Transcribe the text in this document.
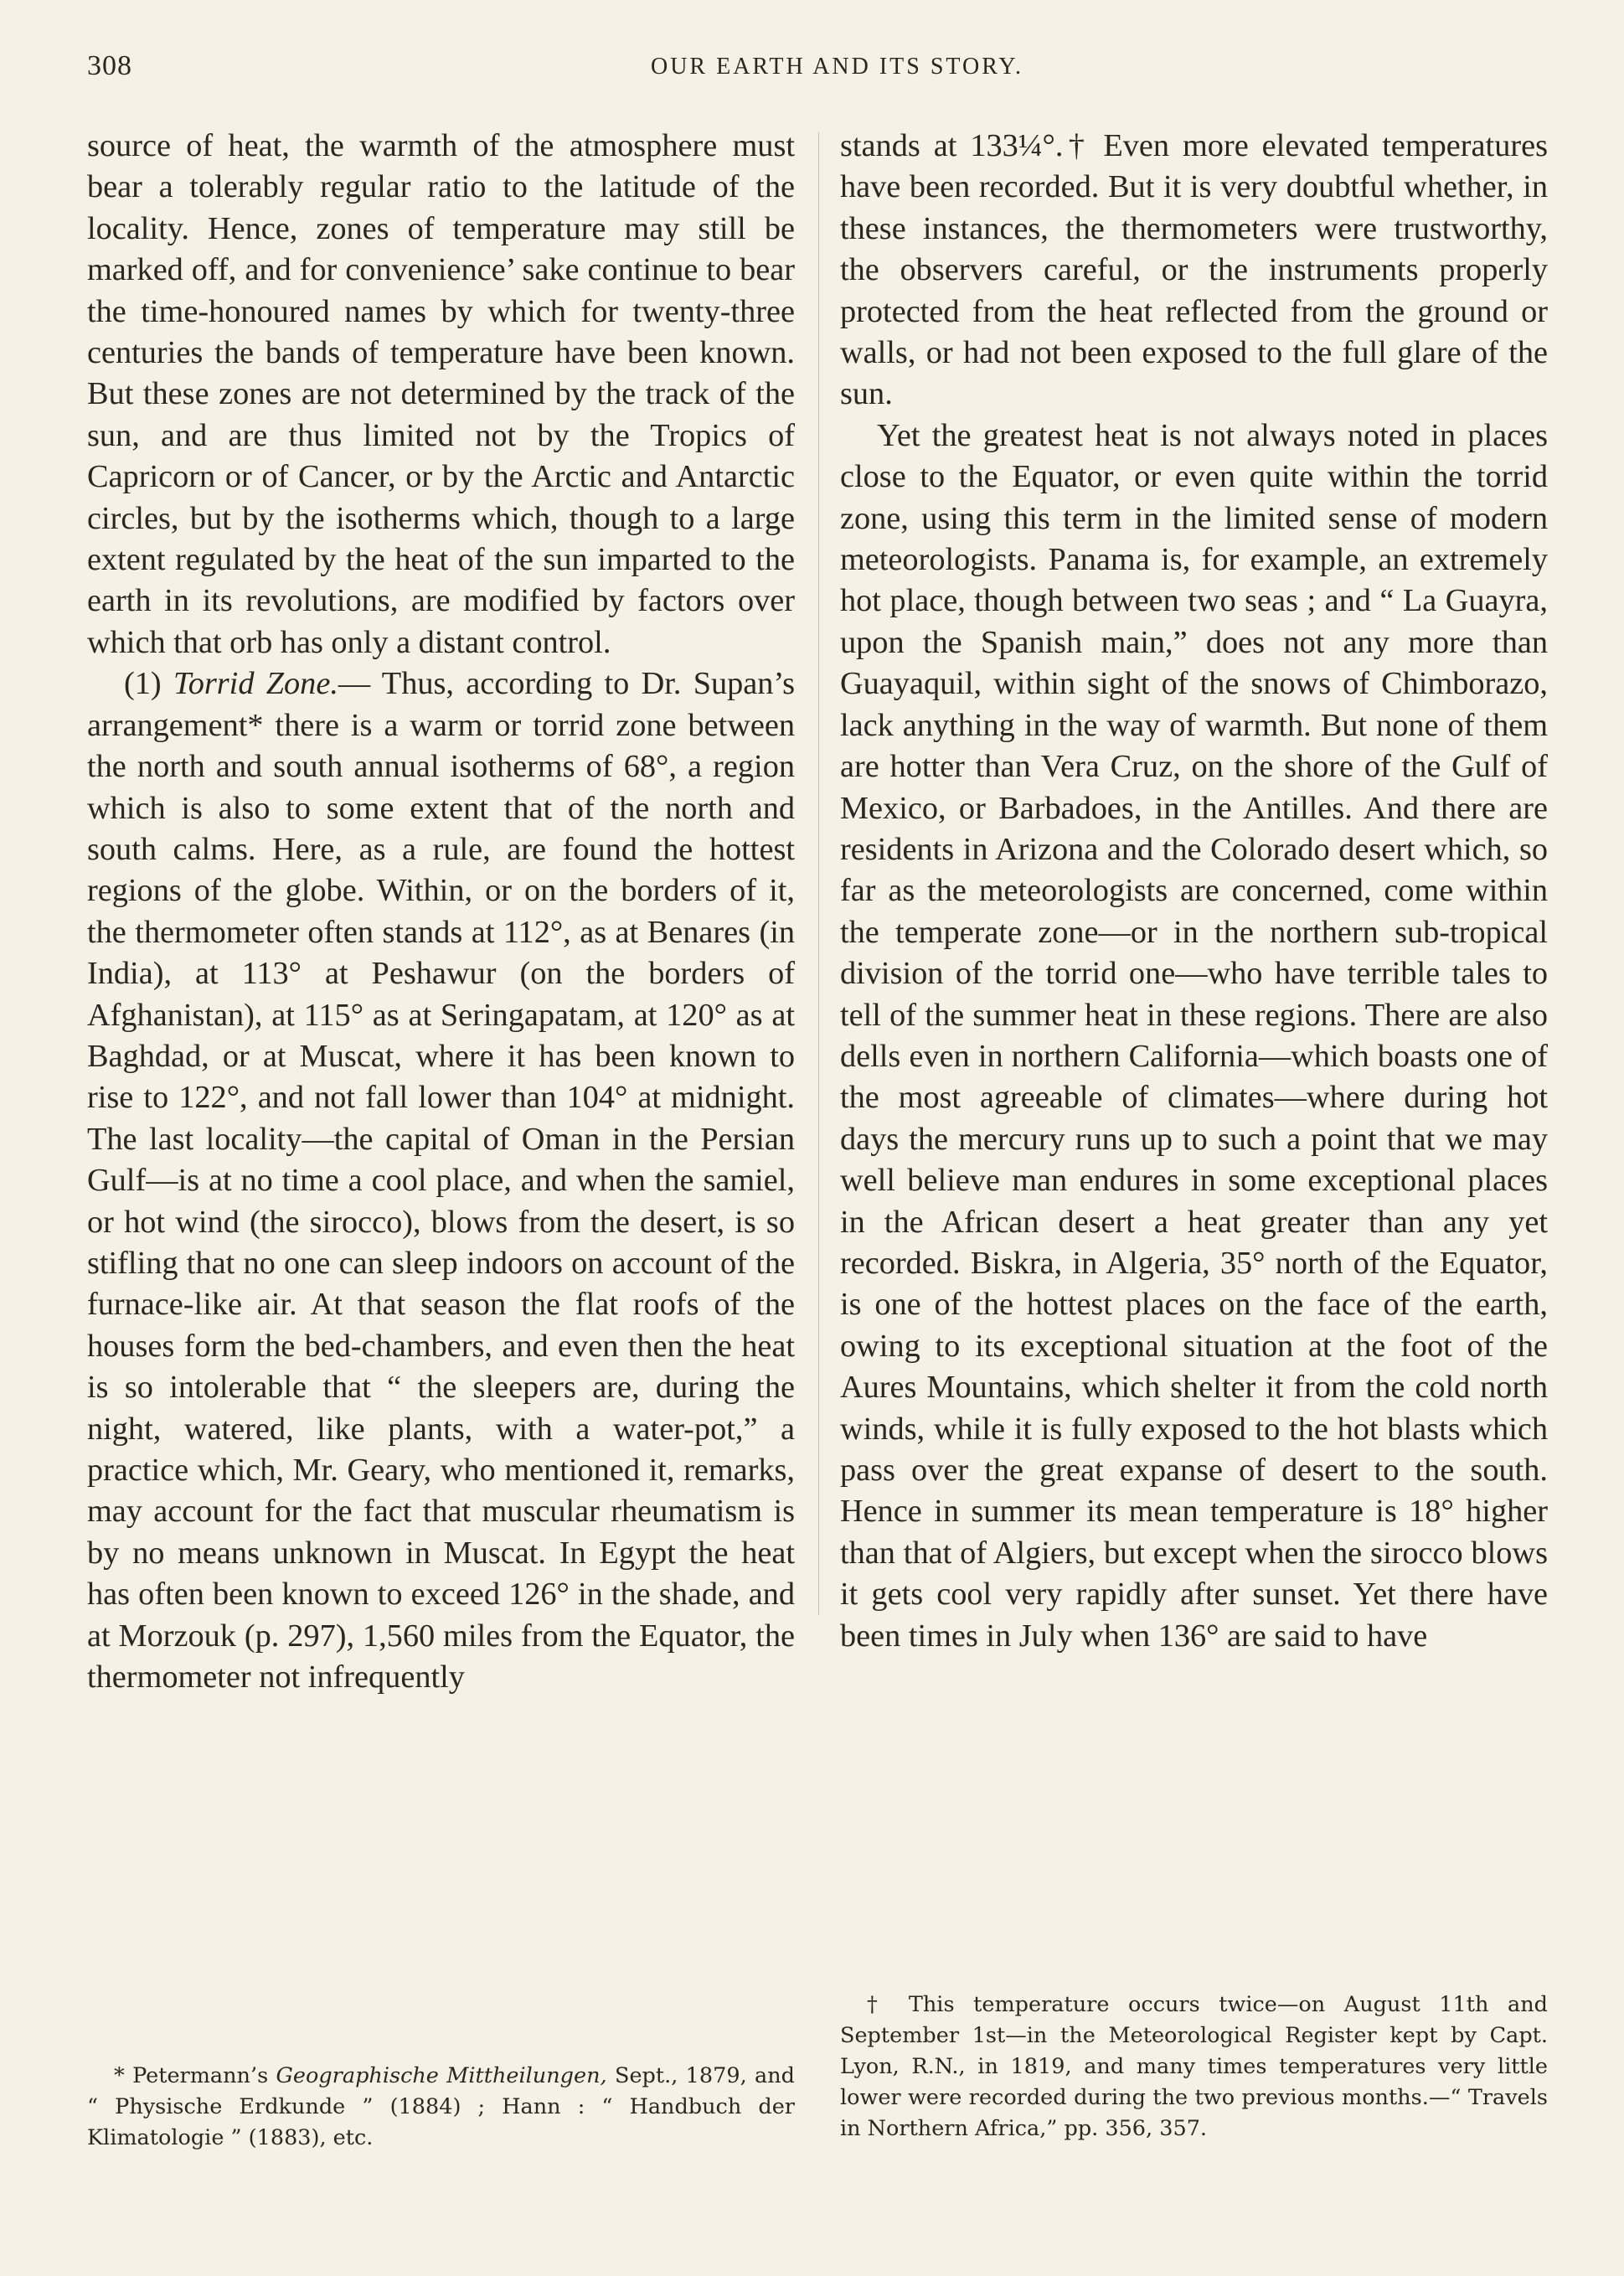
308	OUR EARTH AND ITS STORY.

source of heat, the warmth of the atmosphere must bear a tolerably regular ratio to the latitude of the locality. Hence, zones of temperature may still be marked off, and for convenience’ sake continue to bear the time-honoured names by which for twenty-three centuries the bands of temperature have been known. But these zones are not determined by the track of the sun, and are thus limited not by the Tropics of Capricorn or of Cancer, or by the Arctic and Antarctic circles, but by the isotherms which, though to a large extent regulated by the heat of the sun imparted to the earth in its revolutions, are modified by factors over which that orb has only a distant control.

(1) Torrid Zone.— Thus, according to Dr. Supan’s arrangement* there is a warm or torrid zone between the north and south annual isotherms of 68°, a region which is also to some extent that of the north and south calms. Here, as a rule, are found the hottest regions of the globe. Within, or on the borders of it, the thermometer often stands at 112°, as at Benares (in India), at 113° at Peshawur (on the borders of Afghanistan), at 115° as at Seringapatam, at 120° as at Baghdad, or at Muscat, where it has been known to rise to 122°, and not fall lower than 104° at midnight. The last locality—the capital of Oman in the Persian Gulf—is at no time a cool place, and when the samiel, or hot wind (the sirocco), blows from the desert, is so stifling that no one can sleep indoors on account of the furnace-like air. At that season the flat roofs of the houses form the bed-chambers, and even then the heat is so intolerable that “ the sleepers are, during the night, watered, like plants, with a water-pot,” a practice which, Mr. Geary, who mentioned it, remarks, may account for the fact that muscular rheumatism is by no means unknown in Muscat. In Egypt the heat has often been known to exceed 126° in the shade, and at Morzouk (p. 297), 1,560 miles from the Equator, the thermometer not infrequently

stands at 133¼°.† Even more elevated temperatures have been recorded. But it is very doubtful whether, in these instances, the thermometers were trustworthy, the observers careful, or the instruments properly protected from the heat reflected from the ground or walls, or had not been exposed to the full glare of the sun.

Yet the greatest heat is not always noted in places close to the Equator, or even quite within the torrid zone, using this term in the limited sense of modern meteorologists. Panama is, for example, an extremely hot place, though between two seas ; and “ La Guayra, upon the Spanish main,” does not any more than Guayaquil, within sight of the snows of Chimborazo, lack anything in the way of warmth. But none of them are hotter than Vera Cruz, on the shore of the Gulf of Mexico, or Barbadoes, in the Antilles. And there are residents in Arizona and the Colorado desert which, so far as the meteorologists are concerned, come within the temperate zone—or in the northern sub-tropical division of the torrid one—who have terrible tales to tell of the summer heat in these regions. There are also dells even in northern California—which boasts one of the most agreeable of climates—where during hot days the mercury runs up to such a point that we may well believe man endures in some exceptional places in the African desert a heat greater than any yet recorded. Biskra, in Algeria, 35° north of the Equator, is one of the hottest places on the face of the earth, owing to its exceptional situation at the foot of the Aures Mountains, which shelter it from the cold north winds, while it is fully exposed to the hot blasts which pass over the great expanse of desert to the south. Hence in summer its mean temperature is 18° higher than that of Algiers, but except when the sirocco blows it gets cool very rapidly after sunset. Yet there have been times in July when 136° are said to have

* Petermann’s Geographische Mittheilungen, Sept., 1879, and “ Physische Erdkunde ” (1884) ; Hann : “ Handbuch der Klimatologie ” (1883), etc.

† This temperature occurs twice—on August 11th and September 1st—in the Meteorological Register kept by Capt. Lyon, R.N., in 1819, and many times temperatures very little lower were recorded during the two previous months.—“ Travels in Northern Africa,” pp. 356, 357.
